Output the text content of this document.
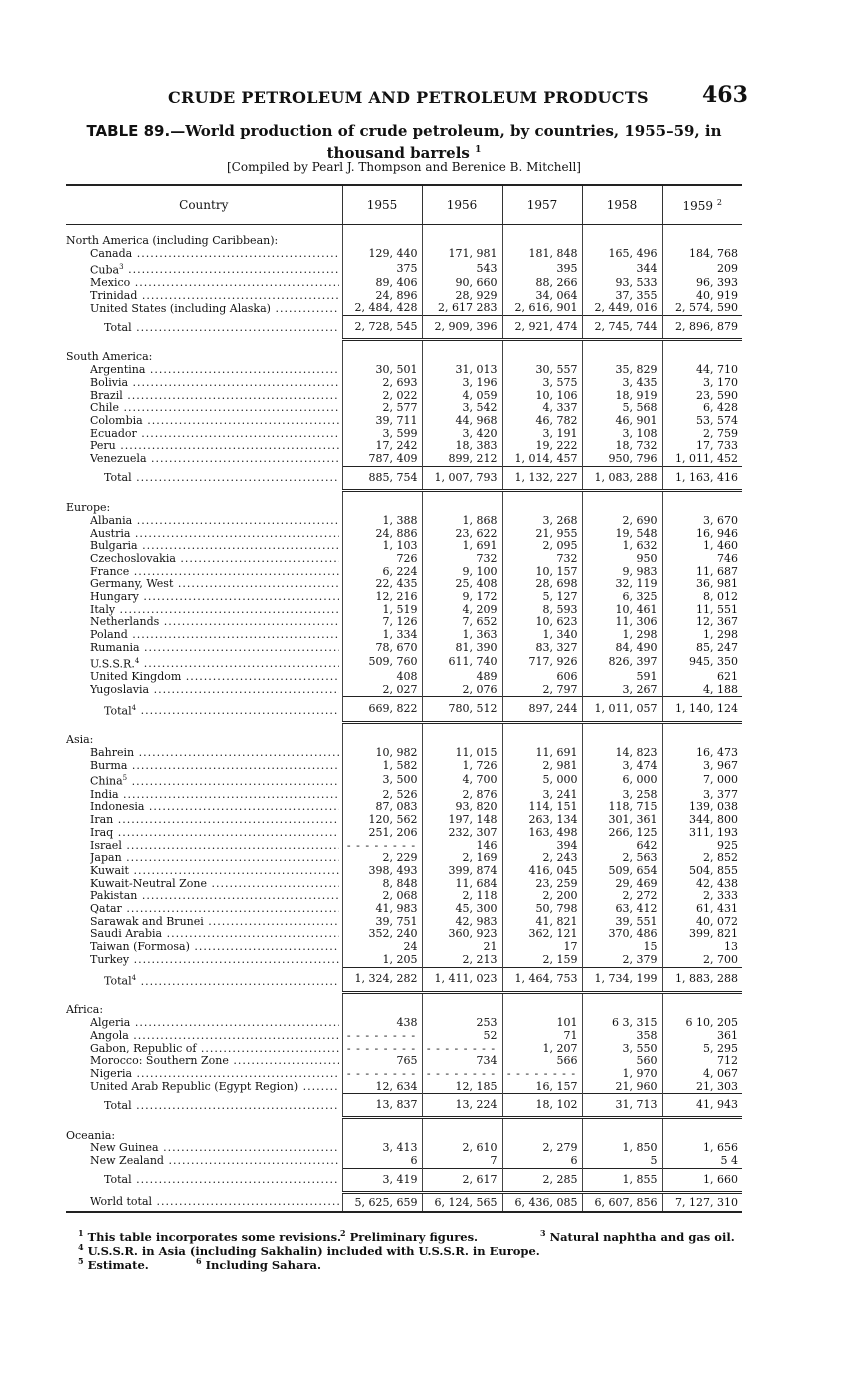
CRUDE PETROLEUM AND PETROLEUM PRODUCTS 463
TABLE 89.—World production of crude petroleum, by countries, 1955–59, in
thousand barrels $^1$
[Compiled by Pearl J. Thompson and Berenice B. Mitchell]
Country	1955	1956	1957	1958	1959 $^2$

North America (including Caribbean):					

Canada .....	129, 440	171, 981	181, 848	165, 496	184, 768

Cuba$^3$ .....	375	543	395	344	209

Mexico .....	89, 406	90, 660	88, 266	93, 533	96, 393

Trinidad .....	24, 896	28, 929	34, 064	37, 355	40, 919

United States (including Alaska) .....	2, 484, 428	2, 617 283	2, 616, 901	2, 449, 016	2, 574, 590

Total .....	2, 728, 545	2, 909, 396	2, 921, 474	2, 745, 744	2, 896, 879

South America:					

Argentina .....	30, 501	31, 013	30, 557	35, 829	44, 710

Bolivia .....	2, 693	3, 196	3, 575	3, 435	3, 170

Brazil .....	2, 022	4, 059	10, 106	18, 919	23, 590

Chile .....	2, 577	3, 542	4, 337	5, 568	6, 428

Colombia .....	39, 711	44, 968	46, 782	46, 901	53, 574

Ecuador .....	3, 599	3, 420	3, 191	3, 108	2, 759

Peru .....	17, 242	18, 383	19, 222	18, 732	17, 733

Venezuela .....	787, 409	899, 212	1, 014, 457	950, 796	1, 011, 452

Total .....	885, 754	1, 007, 793	1, 132, 227	1, 083, 288	1, 163, 416

Europe:					

Albania .....	1, 388	1, 868	3, 268	2, 690	3, 670

Austria .....	24, 886	23, 622	21, 955	19, 548	16, 946

Bulgaria .....	1, 103	1, 691	2, 095	1, 632	1, 460

Czechoslovakia .....	726	732	732	950	746

France .....	6, 224	9, 100	10, 157	9, 983	11, 687

Germany, West .....	22, 435	25, 408	28, 698	32, 119	36, 981

Hungary .....	12, 216	9, 172	5, 127	6, 325	8, 012

Italy .....	1, 519	4, 209	8, 593	10, 461	11, 551

Netherlands .....	7, 126	7, 652	10, 623	11, 306	12, 367

Poland .....	1, 334	1, 363	1, 340	1, 298	1, 298

Rumania .....	78, 670	81, 390	83, 327	84, 490	85, 247

U.S.S.R.$^4$ .....	509, 760	611, 740	717, 926	826, 397	945, 350

United Kingdom .....	408	489	606	591	621

Yugoslavia .....	2, 027	2, 076	2, 797	3, 267	4, 188

Total$^4$ .....	669, 822	780, 512	897, 244	1, 011, 057	1, 140, 124

Asia:					

Bahrein .....	10, 982	11, 015	11, 691	14, 823	16, 473

Burma .....	1, 582	1, 726	2, 981	3, 474	3, 967

China$^5$ .....	3, 500	4, 700	5, 000	6, 000	7, 000

India .....	2, 526	2, 876	3, 241	3, 258	3, 377

Indonesia .....	87, 083	93, 820	114, 151	118, 715	139, 038

Iran .....	120, 562	197, 148	263, 134	301, 361	344, 800

Iraq .....	251, 206	232, 307	163, 498	266, 125	311, 193

Israel .....	- - - - - - - -	146	394	642	925

Japan .....	2, 229	2, 169	2, 243	2, 563	2, 852

Kuwait .....	398, 493	399, 874	416, 045	509, 654	504, 855

Kuwait-Neutral Zone .....	8, 848	11, 684	23, 259	29, 469	42, 438

Pakistan .....	2, 068	2, 118	2, 200	2, 272	2, 333

Qatar .....	41, 983	45, 300	50, 798	63, 412	61, 431

Sarawak and Brunei .....	39, 751	42, 983	41, 821	39, 551	40, 072

Saudi Arabia .....	352, 240	360, 923	362, 121	370, 486	399, 821

Taiwan (Formosa) .....	24	21	17	15	13

Turkey .....	1, 205	2, 213	2, 159	2, 379	2, 700

Total$^4$ .....	1, 324, 282	1, 411, 023	1, 464, 753	1, 734, 199	1, 883, 288

Africa:					

Algeria .....	438	253	101	6 3, 315	6 10, 205

Angola .....	- - - - - - - -	52	71	358	361

Gabon, Republic of .....	- - - - - - - -	- - - - - - - -	1, 207	3, 550	5, 295

Morocco: Southern Zone .....	765	734	566	560	712

Nigeria .....	- - - - - - - -	- - - - - - - -	- - - - - - - -	1, 970	4, 067

United Arab Republic (Egypt Region) .....	12, 634	12, 185	16, 157	21, 960	21, 303

Total .....	13, 837	13, 224	18, 102	31, 713	41, 943

Oceania:					

New Guinea .....	3, 413	2, 610	2, 279	1, 850	1, 656

New Zealand .....	6	7	6	5	5 4

Total .....	3, 419	2, 617	2, 285	1, 855	1, 660

World total .....	5, 625, 659	6, 124, 565	6, 436, 085	6, 607, 856	7, 127, 310
$^1$ This table incorporates some revisions.
$^2$ Preliminary figures.	$^3$ Natural naphtha and gas oil.
$^4$ U.S.S.R. in Asia (including Sakhalin) included with U.S.S.R. in Europe.
$^5$ Estimate.	$^6$ Including Sahara.
